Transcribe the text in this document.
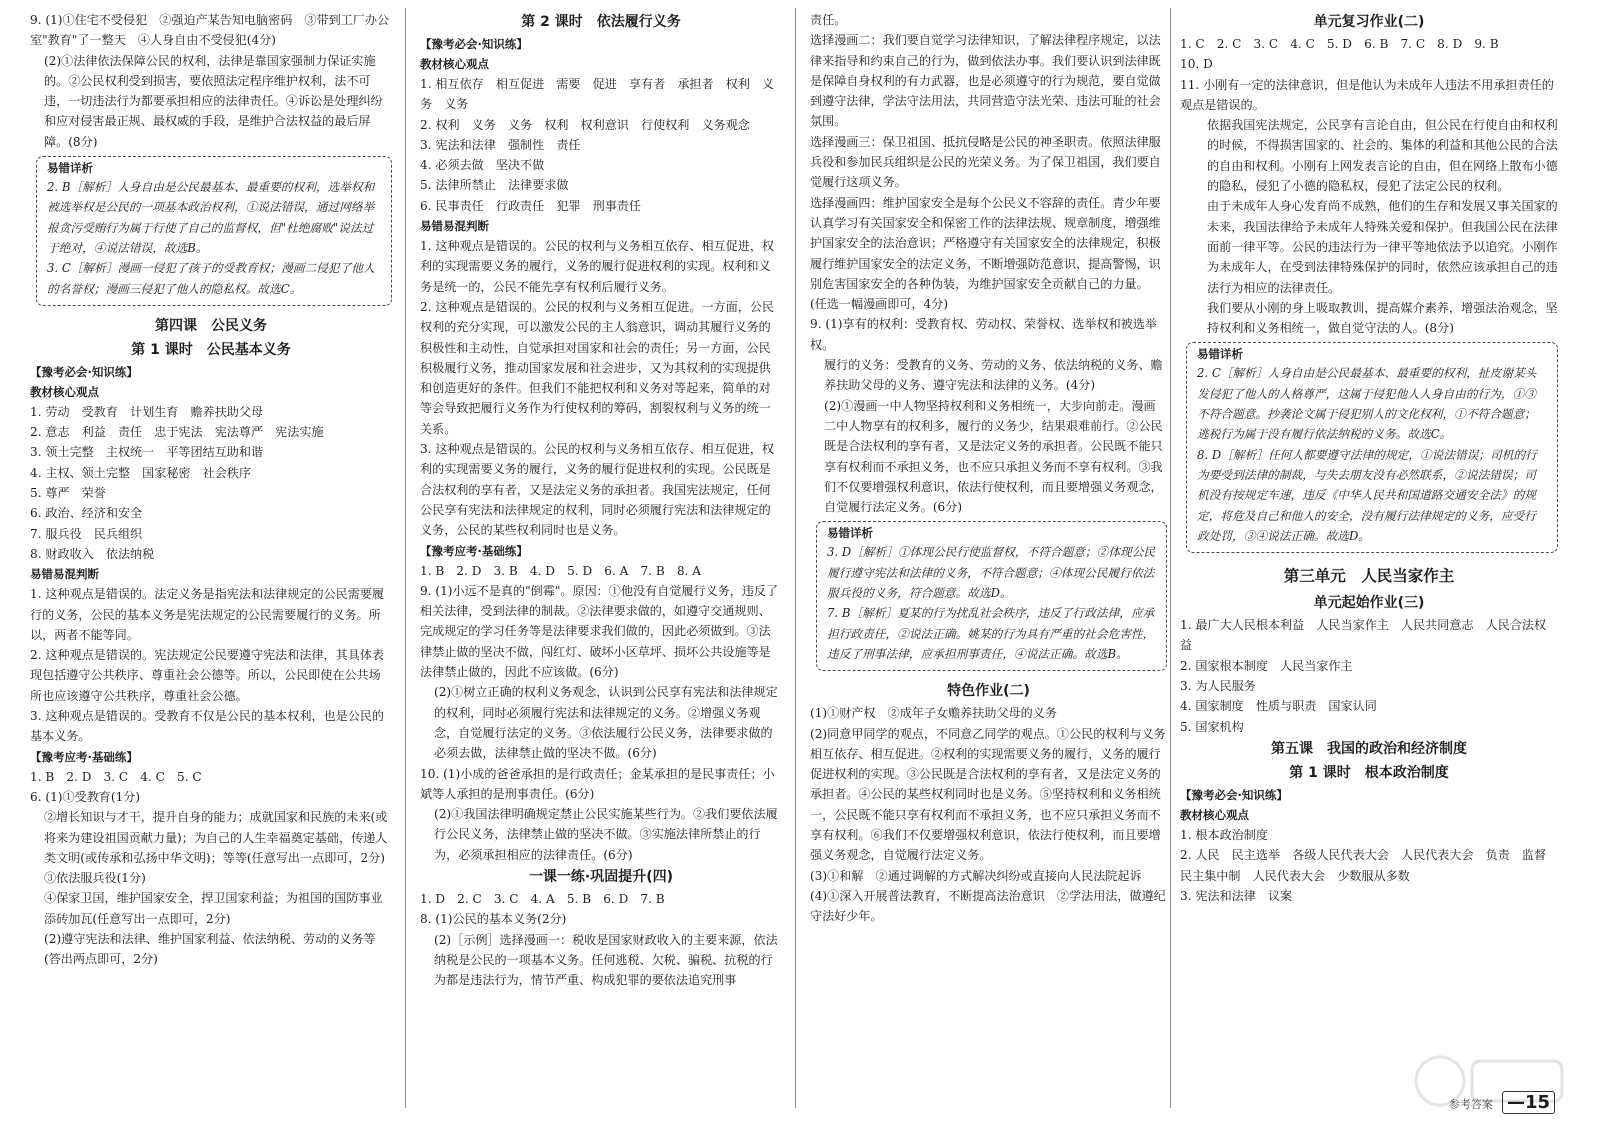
9. (1)①住宅不受侵犯　②强迫产某告知电脑密码　③带到工厂办公室"教育"了一整天　④人身自由不受侵犯(4分)
(2)①法律依法保障公民的权利，法律是靠国家强制力保证实施的。②公民权利受到损害，要依照法定程序维护权利，法不可违，一切违法行为都要承担相应的法律责任。④诉讼是处理纠纷和应对侵害最正规、最权威的手段，是维护合法权益的最后屏障。(8分)
易错详析
2. B［解析］人身自由是公民最基本、最重要的权利，选举权和被选举权是公民的一项基本政治权利，①说法错误，通过网络举报贪污受贿行为属于行使了自己的监督权，但"杜绝腐败"说法过于绝对，④说法错误，故选B。
3. C［解析］漫画一侵犯了孩子的受教育权；漫画二侵犯了他人的名誉权；漫画三侵犯了他人的隐私权。故选C。
第四课　公民义务
第 1 课时　公民基本义务
【豫考必会·知识练】
教材核心观点
1. 劳动　受教育　计划生育　赡养扶助父母
2. 意志　利益　责任　忠于宪法　宪法尊严　宪法实施
3. 领土完整　主权统一　平等团结互助和谐
4. 主权、领土完整　国家秘密　社会秩序
5. 尊严　荣誉
6. 政治、经济和安全
7. 服兵役　民兵组织
8. 财政收入　依法纳税
易错易混判断
1. 这种观点是错误的。法定义务是指宪法和法律规定的公民需要履行的义务，公民的基本义务是宪法规定的公民需要履行的义务。所以，两者不能等同。
2. 这种观点是错误的。宪法规定公民要遵守宪法和法律，其具体表现包括遵守公共秩序、尊重社会公德等。所以，公民即使在公共场所也应该遵守公共秩序，尊重社会公德。
3. 这种观点是错误的。受教育不仅是公民的基本权利，也是公民的基本义务。
【豫考应考·基础练】
1. B　2. D　3. C　4. C　5. C
6. (1)①受教育(1分)
②增长知识与才干，提升自身的能力；成就国家和民族的未来(或将来为建设祖国贡献力量)；为自己的人生幸福奠定基础，传递人类文明(或传承和弘扬中华文明)；等等(任意写出一点即可，2分)
③依法服兵役(1分)
④保家卫国，维护国家安全，捍卫国家利益；为祖国的国防事业添砖加瓦(任意写出一点即可，2分)
(2)遵守宪法和法律、维护国家利益、依法纳税、劳动的义务等(答出两点即可，2分)
第 2 课时　依法履行义务
【豫考必会·知识练】
教材核心观点
1. 相互依存　相互促进　需要　促进　享有者　承担者　权利　义务　义务
2. 权利　义务　义务　权利　权利意识　行使权利　义务观念
3. 宪法和法律　强制性　责任
4. 必须去做　坚决不做
5. 法律所禁止　法律要求做
6. 民事责任　行政责任　犯罪　刑事责任
易错易混判断
1. 这种观点是错误的。公民的权利与义务相互依存、相互促进，权利的实现需要义务的履行，义务的履行促进权利的实现。权利和义务是统一的，公民不能先享有权利后履行义务。
2. 这种观点是错误的。公民的权利与义务相互促进。一方面，公民权利的充分实现，可以激发公民的主人翁意识，调动其履行义务的积极性和主动性，自觉承担对国家和社会的责任；另一方面，公民积极履行义务，推动国家发展和社会进步，又为其权利的实现提供和创造更好的条件。但我们不能把权利和义务对等起来，简单的对等会导致把履行义务作为行使权利的筹码，割裂权利与义务的统一关系。
3. 这种观点是错误的。公民的权利与义务相互依存、相互促进，权利的实现需要义务的履行，义务的履行促进权利的实现。公民既是合法权利的享有者，又是法定义务的承担者。我国宪法规定，任何公民享有宪法和法律规定的权利，同时必须履行宪法和法律规定的义务，公民的某些权利同时也是义务。
【豫考应考·基础练】
1. B　2. D　3. B　4. D　5. D　6. A　7. B　8. A
9. (1)小远不是真的"倒霉"。原因：①他没有自觉履行义务，违反了相关法律，受到法律的制裁。②法律要求做的，如遵守交通规则、完成规定的学习任务等是法律要求我们做的，因此必须做到。③法律禁止做的坚决不做，闯红灯、破坏小区草坪、损坏公共设施等是法律禁止做的，因此不应该做。(6分)
(2)①树立正确的权利义务观念，认识到公民享有宪法和法律规定的权利，同时必须履行宪法和法律规定的义务。②增强义务观念，自觉履行法定的义务。③依法履行公民义务，法律要求做的必须去做，法律禁止做的坚决不做。(6分)
10. (1)小成的爸爸承担的是行政责任；金某承担的是民事责任；小斌等人承担的是刑事责任。(6分)
(2)①我国法律明确规定禁止公民实施某些行为。②我们要依法履行公民义务，法律禁止做的坚决不做。③实施法律所禁止的行为，必须承担相应的法律责任。(6分)
一课一练·巩固提升(四)
1. D　2. C　3. C　4. A　5. B　6. D　7. B
8. (1)公民的基本义务(2分)
(2)［示例］选择漫画一：税收是国家财政收入的主要来源，依法纳税是公民的一项基本义务。任何逃税、欠税、骗税、抗税的行为都是违法行为，情节严重、构成犯罪的要依法追究刑事
责任。
选择漫画二：我们要自觉学习法律知识，了解法律程序规定，以法律来指导和约束自己的行为，做到依法办事。我们要认识到法律既是保障自身权利的有力武器，也是必须遵守的行为规范，要自觉做到遵守法律，学法守法用法，共同营造守法光荣、违法可耻的社会氛围。
选择漫画三：保卫祖国、抵抗侵略是公民的神圣职责。依照法律服兵役和参加民兵组织是公民的光荣义务。为了保卫祖国，我们要自觉履行这项义务。
选择漫画四：维护国家安全是每个公民义不容辞的责任。青少年要认真学习有关国家安全和保密工作的法律法规、规章制度，增强维护国家安全的法治意识；严格遵守有关国家安全的法律规定，积极履行维护国家安全的法定义务，不断增强防范意识，提高警惕，识别危害国家安全的各种伪装，为维护国家安全贡献自己的力量。
(任选一幅漫画即可，4分)
9. (1)享有的权利：受教育权、劳动权、荣誉权、选举权和被选举权。
履行的义务：受教育的义务、劳动的义务、依法纳税的义务、赡养扶助父母的义务、遵守宪法和法律的义务。(4分)
(2)①漫画一中人物坚持权利和义务相统一，大步向前走。漫画二中人物享有的权利多，履行的义务少，结果艰难前行。②公民既是合法权利的享有者，又是法定义务的承担者。公民既不能只享有权利而不承担义务，也不应只承担义务而不享有权利。③我们不仅要增强权利意识，依法行使权利，而且要增强义务观念，自觉履行法定义务。(6分)
易错详析
3. D［解析］①体现公民行使监督权，不符合题意；②体现公民履行遵守宪法和法律的义务，不符合题意；④体现公民履行依法服兵役的义务，符合题意。故选D。
7. B［解析］夏某的行为扰乱社会秩序，违反了行政法律，应承担行政责任，②说法正确。姚某的行为具有严重的社会危害性，违反了刑事法律，应承担刑事责任，④说法正确。故选B。
特色作业(二)
(1)①财产权　②成年子女赡养扶助父母的义务
(2)同意甲同学的观点，不同意乙同学的观点。①公民的权利与义务相互依存、相互促进。②权利的实现需要义务的履行，义务的履行促进权利的实现。③公民既是合法权利的享有者，又是法定义务的承担者。④公民的某些权利同时也是义务。⑤坚持权利和义务相统一，公民既不能只享有权利而不承担义务，也不应只承担义务而不享有权利。⑥我们不仅要增强权利意识，依法行使权利，而且要增强义务观念，自觉履行法定义务。
(3)①和解　②通过调解的方式解决纠纷或直接向人民法院起诉
(4)①深入开展普法教育，不断提高法治意识　②学法用法，做遵纪守法好少年。
单元复习作业(二)
1. C　2. C　3. C　4. C　5. D　6. B　7. C　8. D　9. B
10. D
11. 小刚有一定的法律意识，但是他认为未成年人违法不用承担责任的观点是错误的。
依据我国宪法规定，公民享有言论自由，但公民在行使自由和权利的时候，不得损害国家的、社会的、集体的利益和其他公民的合法的自由和权利。小刚有上网发表言论的自由，但在网络上散布小德的隐私，侵犯了小德的隐私权，侵犯了法定公民的权利。
由于未成年人身心发育尚不成熟，他们的生存和发展又事关国家的未来，我国法律给予未成年人特殊关爱和保护。但我国公民在法律面前一律平等。公民的违法行为一律平等地依法予以追究。小刚作为未成年人，在受到法律特殊保护的同时，依然应该承担自己的违法行为相应的法律责任。
我们要从小刚的身上吸取教训，提高媒介素养，增强法治观念，坚持权利和义务相统一，做自觉守法的人。(8分)
易错详析
2. C［解析］人身自由是公民最基本、最重要的权利，扯皮谢某头发侵犯了他人的人格尊严，这属于侵犯他人人身自由的行为，①③不符合题意。抄袭论文属于侵犯别人的文化权利，①不符合题意；逃税行为属于没有履行依法纳税的义务。故选C。
8. D［解析］任何人都要遵守法律的规定，①说法错误；司机的行为要受到法律的制裁，与失去朋友没有必然联系，②说法错误；司机没有按规定车速，违反《中华人民共和国道路交通安全法》的规定，将危及自己和他人的安全，没有履行法律规定的义务，应受行政处罚，③④说法正确。故选D。
第三单元　人民当家作主
单元起始作业(三)
1. 最广大人民根本利益　人民当家作主　人民共同意志　人民合法权益
2. 国家根本制度　人民当家作主
3. 为人民服务
4. 国家制度　性质与职责　国家认同
5. 国家机构
第五课　我国的政治和经济制度
第 1 课时　根本政治制度
【豫考必会·知识练】
教材核心观点
1. 根本政治制度
2. 人民　民主选举　各级人民代表大会　人民代表大会　负责　监督　民主集中制　人民代表大会　少数服从多数
3. 宪法和法律　议案
参考答案 —15
